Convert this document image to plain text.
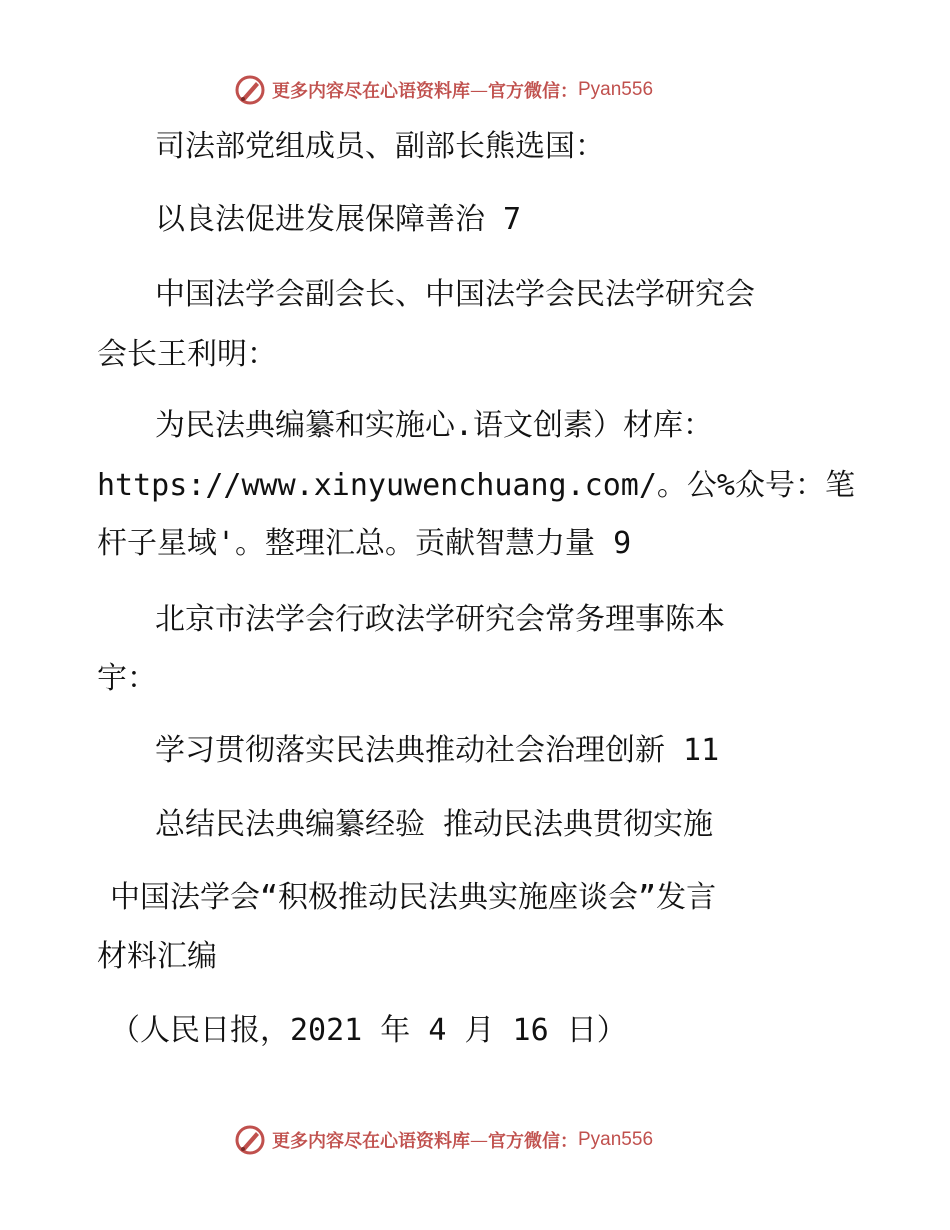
更多内容尽在心语资料库 — 官方微信： Pyan556
司法部党组成员、副部长熊选国：
以良法促进发展保障善治 7
中国法学会副会长、中国法学会民法学研究会
会长王利明：
为民法典编纂和实施心.语文创素）材库：
https://www.xinyuwenchuang.com/。公%众号：笔
杆子星域'。整理汇总。贡献智慧力量 9
北京市法学会行政法学研究会常务理事陈本
宇：
学习贯彻落实民法典推动社会治理创新 11
总结民法典编纂经验 推动民法典贯彻实施
中国法学会“积极推动民法典实施座谈会”发言
材料汇编
（人民日报，2021 年 4 月 16 日）
更多内容尽在心语资料库 — 官方微信： Pyan556
